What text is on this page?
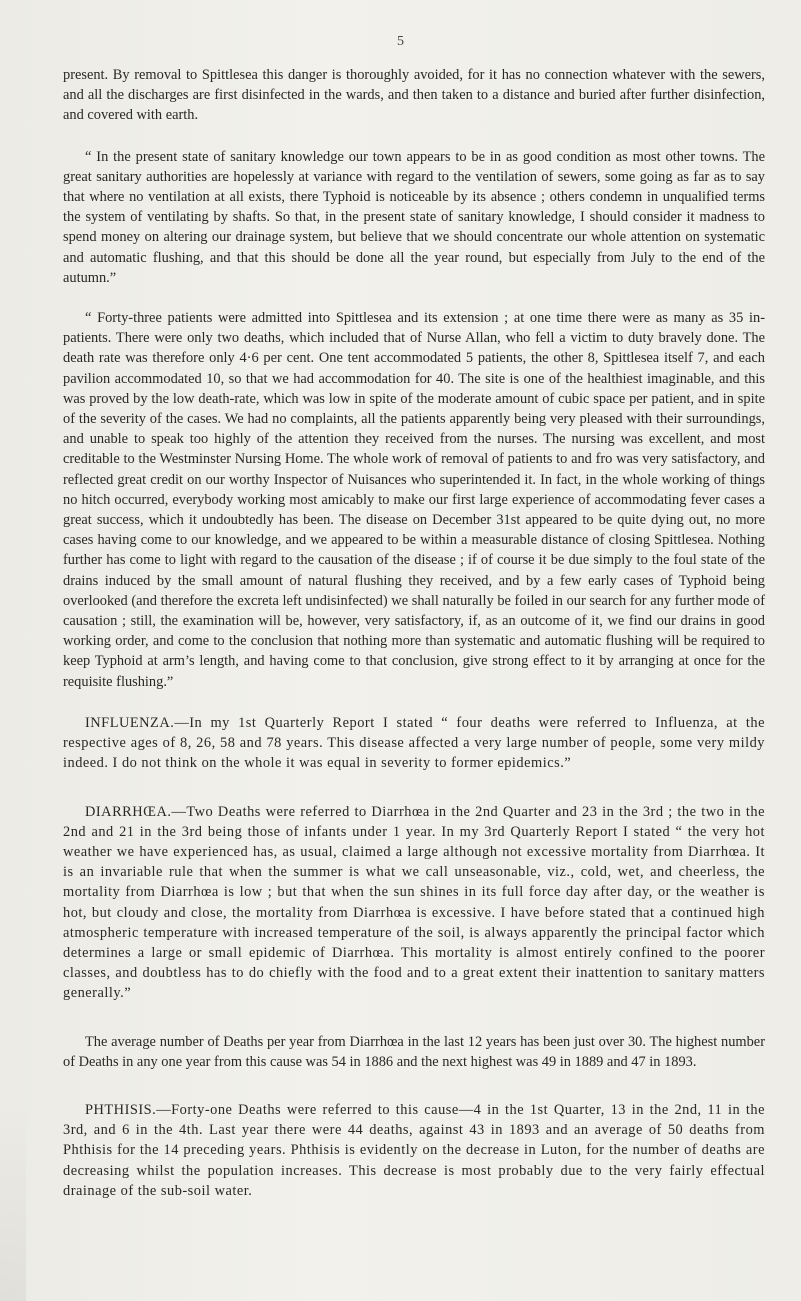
5

present. By removal to Spittlesea this danger is thoroughly avoided, for it has no connection whatever with the sewers, and all the discharges are first disinfected in the wards, and then taken to a distance and buried after further disinfection, and covered with earth.

“ In the present state of sanitary knowledge our town appears to be in as good condition as most other towns. The great sanitary authorities are hopelessly at variance with regard to the ventilation of sewers, some going as far as to say that where no ventilation at all exists, there Typhoid is noticeable by its absence ; others condemn in unqualified terms the system of ventilating by shafts. So that, in the present state of sanitary knowledge, I should consider it madness to spend money on altering our drainage system, but believe that we should concentrate our whole attention on systematic and automatic flushing, and that this should be done all the year round, but especially from July to the end of the autumn.”

“ Forty-three patients were admitted into Spittlesea and its extension ; at one time there were as many as 35 in-patients. There were only two deaths, which included that of Nurse Allan, who fell a victim to duty bravely done. The death rate was therefore only 4·6 per cent. One tent accommodated 5 patients, the other 8, Spittlesea itself 7, and each pavilion accommodated 10, so that we had accommodation for 40. The site is one of the healthiest imaginable, and this was proved by the low death-rate, which was low in spite of the moderate amount of cubic space per patient, and in spite of the severity of the cases. We had no complaints, all the patients apparently being very pleased with their surroundings, and unable to speak too highly of the attention they received from the nurses. The nursing was excellent, and most creditable to the Westminster Nursing Home. The whole work of removal of patients to and fro was very satisfactory, and reflected great credit on our worthy Inspector of Nuisances who superintended it. In fact, in the whole working of things no hitch occurred, everybody working most amicably to make our first large experience of accommodating fever cases a great success, which it undoubtedly has been. The disease on December 31st appeared to be quite dying out, no more cases having come to our knowledge, and we appeared to be within a measurable distance of closing Spittlesea. Nothing further has come to light with regard to the causation of the disease ; if of course it be due simply to the foul state of the drains induced by the small amount of natural flushing they received, and by a few early cases of Typhoid being overlooked (and therefore the excreta left undisinfected) we shall naturally be foiled in our search for any further mode of causation ; still, the examination will be, however, very satisfactory, if, as an outcome of it, we find our drains in good working order, and come to the conclusion that nothing more than systematic and automatic flushing will be required to keep Typhoid at arm’s length, and having come to that conclusion, give strong effect to it by arranging at once for the requisite flushing.”

INFLUENZA.—In my 1st Quarterly Report I stated “ four deaths were referred to Influenza, at the respective ages of 8, 26, 58 and 78 years. This disease affected a very large number of people, some very mildy indeed. I do not think on the whole it was equal in severity to former epidemics.”

DIARRHŒA.—Two Deaths were referred to Diarrhœa in the 2nd Quarter and 23 in the 3rd ; the two in the 2nd and 21 in the 3rd being those of infants under 1 year. In my 3rd Quarterly Report I stated “ the very hot weather we have experienced has, as usual, claimed a large although not excessive mortality from Diarrhœa. It is an invariable rule that when the summer is what we call unseasonable, viz., cold, wet, and cheerless, the mortality from Diarrhœa is low ; but that when the sun shines in its full force day after day, or the weather is hot, but cloudy and close, the mortality from Diarrhœa is excessive. I have before stated that a continued high atmospheric temperature with increased temperature of the soil, is always apparently the principal factor which determines a large or small epidemic of Diarrhœa. This mortality is almost entirely confined to the poorer classes, and doubtless has to do chiefly with the food and to a great extent their inattention to sanitary matters generally.”

The average number of Deaths per year from Diarrhœa in the last 12 years has been just over 30. The highest number of Deaths in any one year from this cause was 54 in 1886 and the next highest was 49 in 1889 and 47 in 1893.

PHTHISIS.—Forty-one Deaths were referred to this cause—4 in the 1st Quarter, 13 in the 2nd, 11 in the 3rd, and 6 in the 4th. Last year there were 44 deaths, against 43 in 1893 and an average of 50 deaths from Phthisis for the 14 preceding years. Phthisis is evidently on the decrease in Luton, for the number of deaths are decreasing whilst the population increases. This decrease is most probably due to the very fairly effectual drainage of the sub-soil water.
